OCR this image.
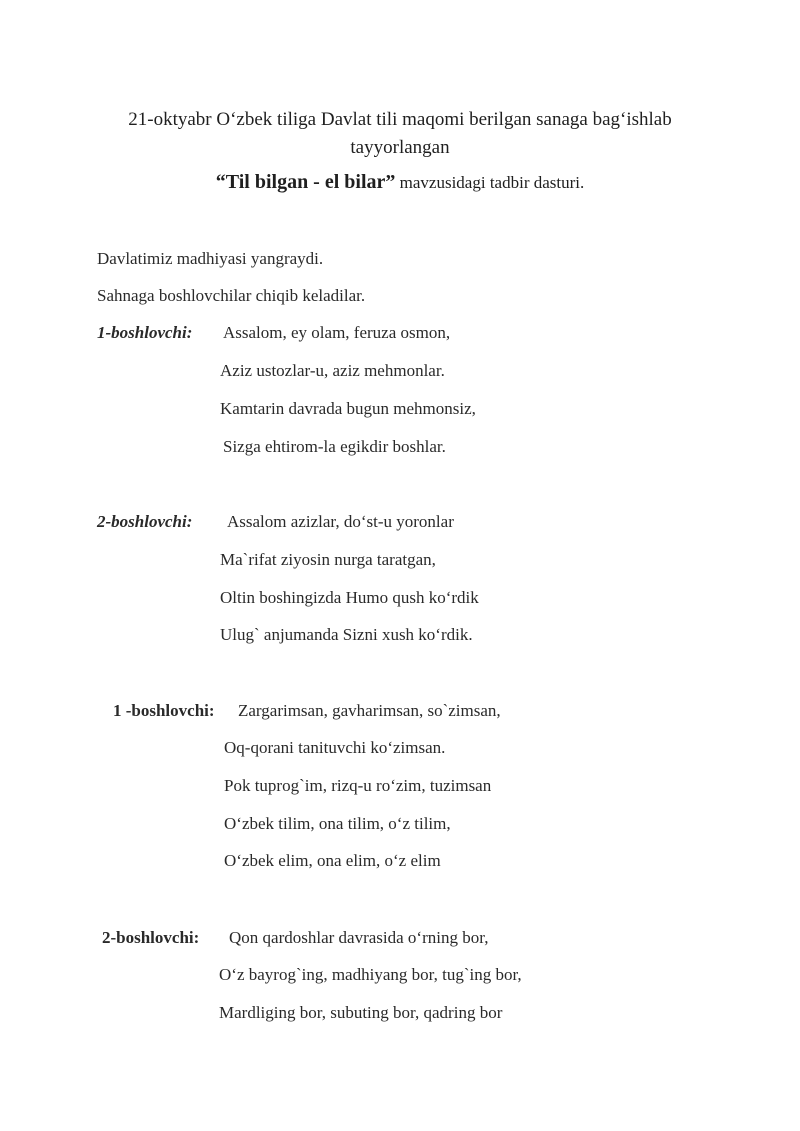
21-oktyabr O‘zbek tiliga Davlat tili maqomi berilgan sanaga bag‘ishlab
tayyorlangan
“Til bilgan - el bilar” mavzusidagi tadbir dasturi.
Davlatimiz madhiyasi yangraydi.
Sahnaga boshlovchilar chiqib keladilar.
1-boshlovchi: Assalom, ey olam, feruza osmon,
Aziz ustozlar-u, aziz mehmonlar.
Kamtarin davrada bugun mehmonsiz,
Sizga ehtirom-la egikdir boshlar.
2-boshlovchi: Assalom azizlar, do‘st-u yoronlar
Ma`rifat ziyosin nurga taratgan,
Oltin boshingizda Humo qush ko‘rdik
Ulug` anjumanda Sizni xush ko‘rdik.
1 -boshlovchi: Zargarimsan, gavharimsan, so`zimsan,
Oq-qorani tanituvchi ko‘zimsan.
Pok tuprog`im, rizq-u ro‘zim, tuzimsan
O‘zbek tilim, ona tilim, o‘z tilim,
O‘zbek elim, ona elim, o‘z elim
2-boshlovchi: Qon qardoshlar davrasida o‘rning bor,
O‘z bayrog`ing, madhiyang bor, tug`ing bor,
Mardliging bor, subuting bor, qadring bor
